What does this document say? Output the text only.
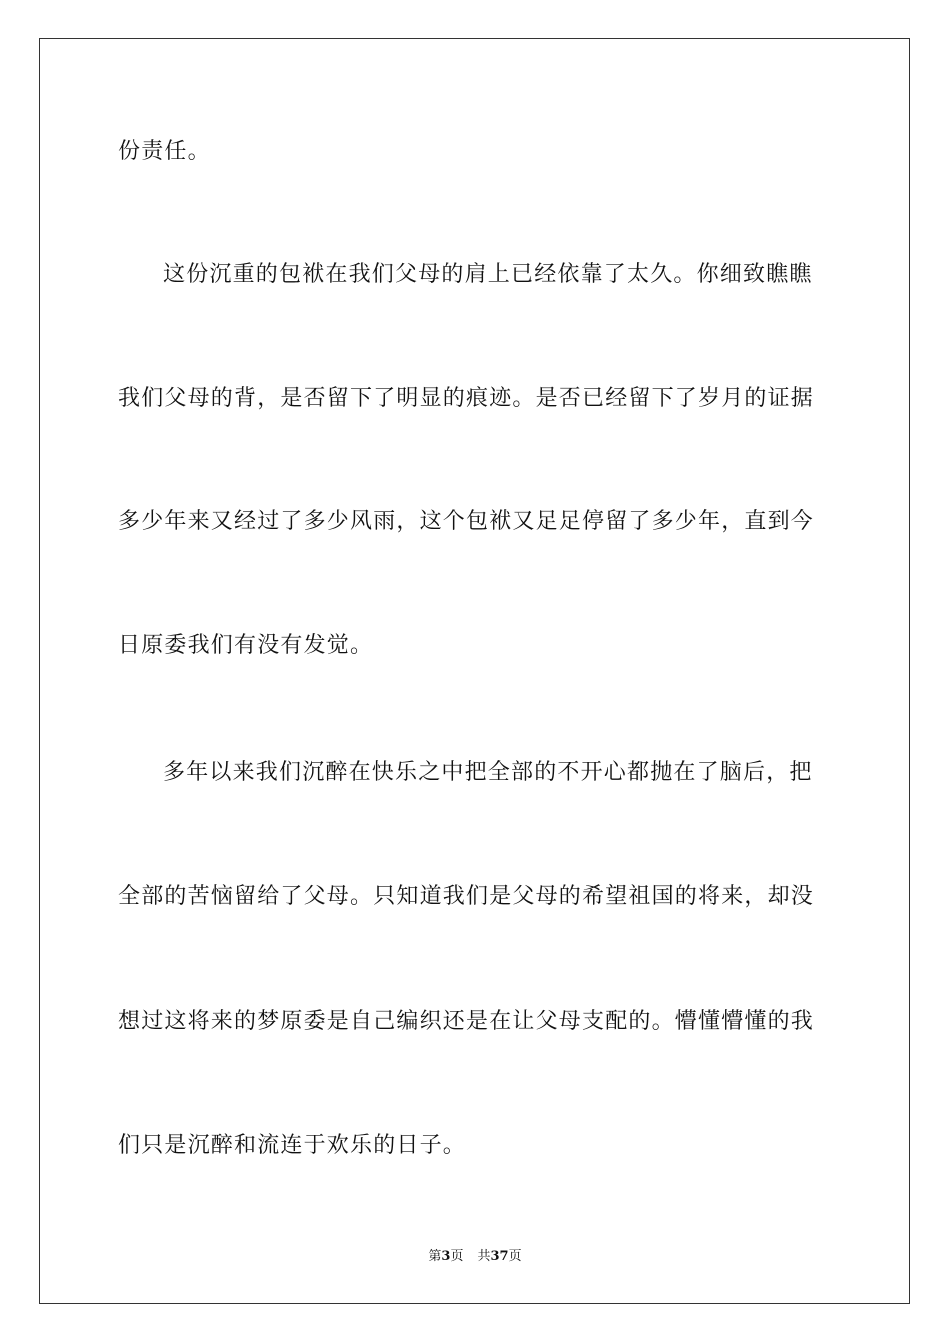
份责任。
这份沉重的包袱在我们父母的肩上已经依靠了太久。你细致瞧瞧
我们父母的背，是否留下了明显的痕迹。是否已经留下了岁月的证据
多少年来又经过了多少风雨，这个包袱又足足停留了多少年，直到今
日原委我们有没有发觉。
多年以来我们沉醉在快乐之中把全部的不开心都抛在了脑后，把
全部的苦恼留给了父母。只知道我们是父母的希望祖国的将来，却没
想过这将来的梦原委是自己编织还是在让父母支配的。懵懂懵懂的我
们只是沉醉和流连于欢乐的日子。
第3页 共37页
